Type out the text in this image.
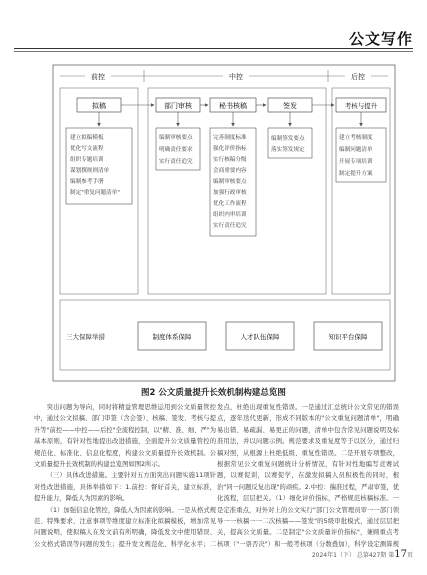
公文写作
前控	中控	后控
拟稿	部门审核	秘书核稿	签发	考核与提升
建立拟稿模板
优化写文流程
组织专题培训
谋划撰规则清单
编制参考手册
制定"重复问题清单"
编制审核要点
明确责任要求
实行责任追究
完善制度标准
强化评价指标
实行核稿分级
会商重要内容
编制审核要点
加强行政审核
优化工作流程
组织内审培训
实行责任追究
编制签发要点
落实签发规定
建立考核制度
编制问题清单
开展专项培训
制定提升方案
三大保障举措	制度体系保障	人才队伍保障	知识平台保障
图2 公文质量提升长效机制构建总览图

突出问题为导向，同时将精益管理思维运用到公文质量管控中，通过公文拟稿、部门审签（含会签）、核稿、签发、考核与提升等"前控——中控——后控"全流程控制，以"精、准、细、严"为基本原则，有针对性地提出改进措施，全面提升公文质量管控的规范化、标准化、信息化程度，构建公文质量提升长效机制。公文质量提升长效机制的构建总览图如图2所示。

（三）具体改进措施。主要针对五方面突出问题实施11项针对性改进措施，具体举措如下：1.前控：督好首关，建立标准，提升能力，降低人为因素的影响。

（1）加强信息化管控，降低人为因素的影响。一是从格式规范、特殊要求、注意事项等维度建立标准化拟稿模板，增加常见问题说明，使拟稿人在发文前有所明确，降低发文中使用错误、公文格式错误等问题的发生；提升发文规范化、科学化水平；二

发点，杜绝出现重复性错误。一是通过汇总统计公文常见的错误点，逐年迭代更新，形成不同版本的"公文重复问题清单"，明确易出错、易疏漏、易更正的问题，清单中包含常见问题说明及标准用法，并以问题示例。规范要求及重复度等于以区分，通过归稿对照，从根源上杜绝低级、重复性错误。二是开展专项整改，根据常见公文重复问题统计分析情况，有针对性地编写竞赛试题，以赛促训，以赛促学，在激发拟稿人员积极性的同时，根治"同一问题反复出现"的顽疾。2.中控：揣准过程，严肃审签，优化流程，层层把关。（1）细化评价指标，严格规范核稿标准。一是定准重点，对外对上的公文实行"部门公文管理员审一一部门领导一一核稿一一二次核稿——签发"的5级审批模式，通过层层把关，提高公文质量。二是制定"公文质量评价指标"，兼顾重点考核项（"一票否决"）和一般考核项（分数叠加），科学设定测算规

2024年1（下） 总第427期 第17页
